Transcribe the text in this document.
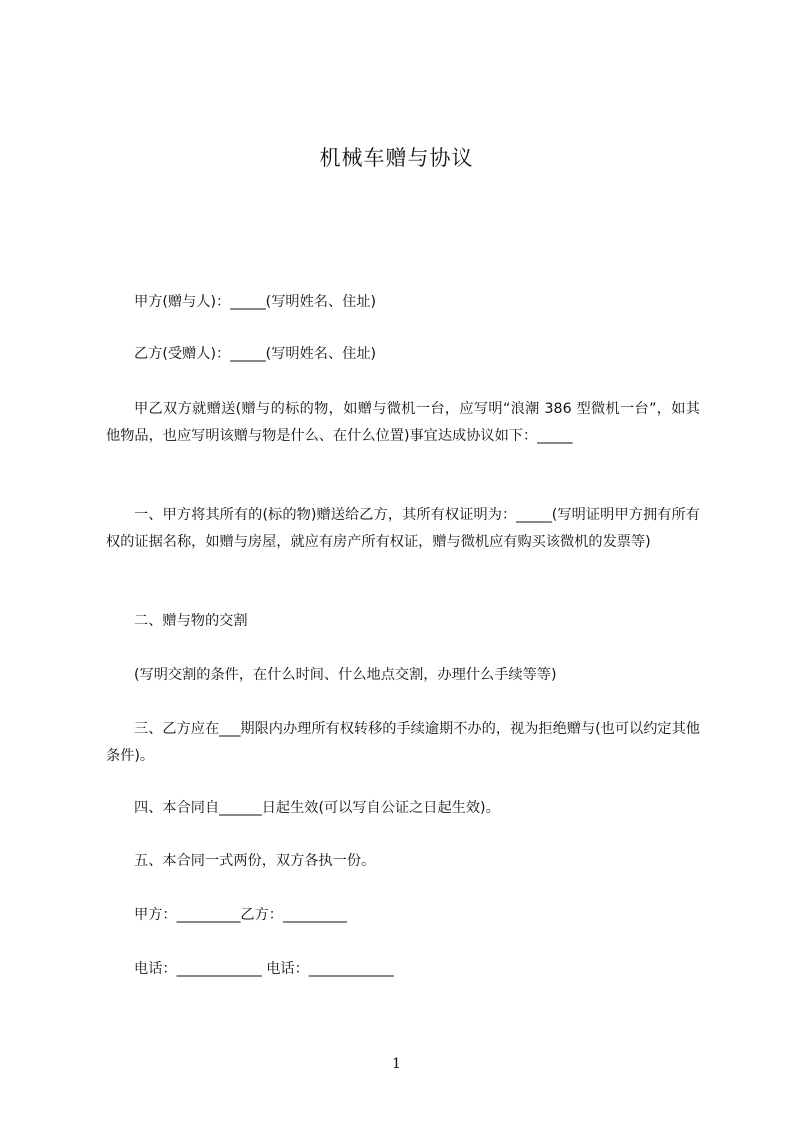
机械车赠与协议
甲方(赠与人)：_____(写明姓名、住址)
乙方(受赠人)：_____(写明姓名、住址)
甲乙双方就赠送(赠与的标的物，如赠与微机一台，应写明“浪潮 386 型微机一台”，如其他物品，也应写明该赠与物是什么、在什么位置)事宜达成协议如下：_____
一、甲方将其所有的(标的物)赠送给乙方，其所有权证明为：_____(写明证明甲方拥有所有权的证据名称，如赠与房屋，就应有房产所有权证，赠与微机应有购买该微机的发票等)
二、赠与物的交割
(写明交割的条件，在什么时间、什么地点交割，办理什么手续等等)
三、乙方应在___期限内办理所有权转移的手续逾期不办的，视为拒绝赠与(也可以约定其他条件)。
四、本合同自______日起生效(可以写自公证之日起生效)。
五、本合同一式两份，双方各执一份。
甲方：_________乙方：_________
电话：____________ 电话：____________
1
